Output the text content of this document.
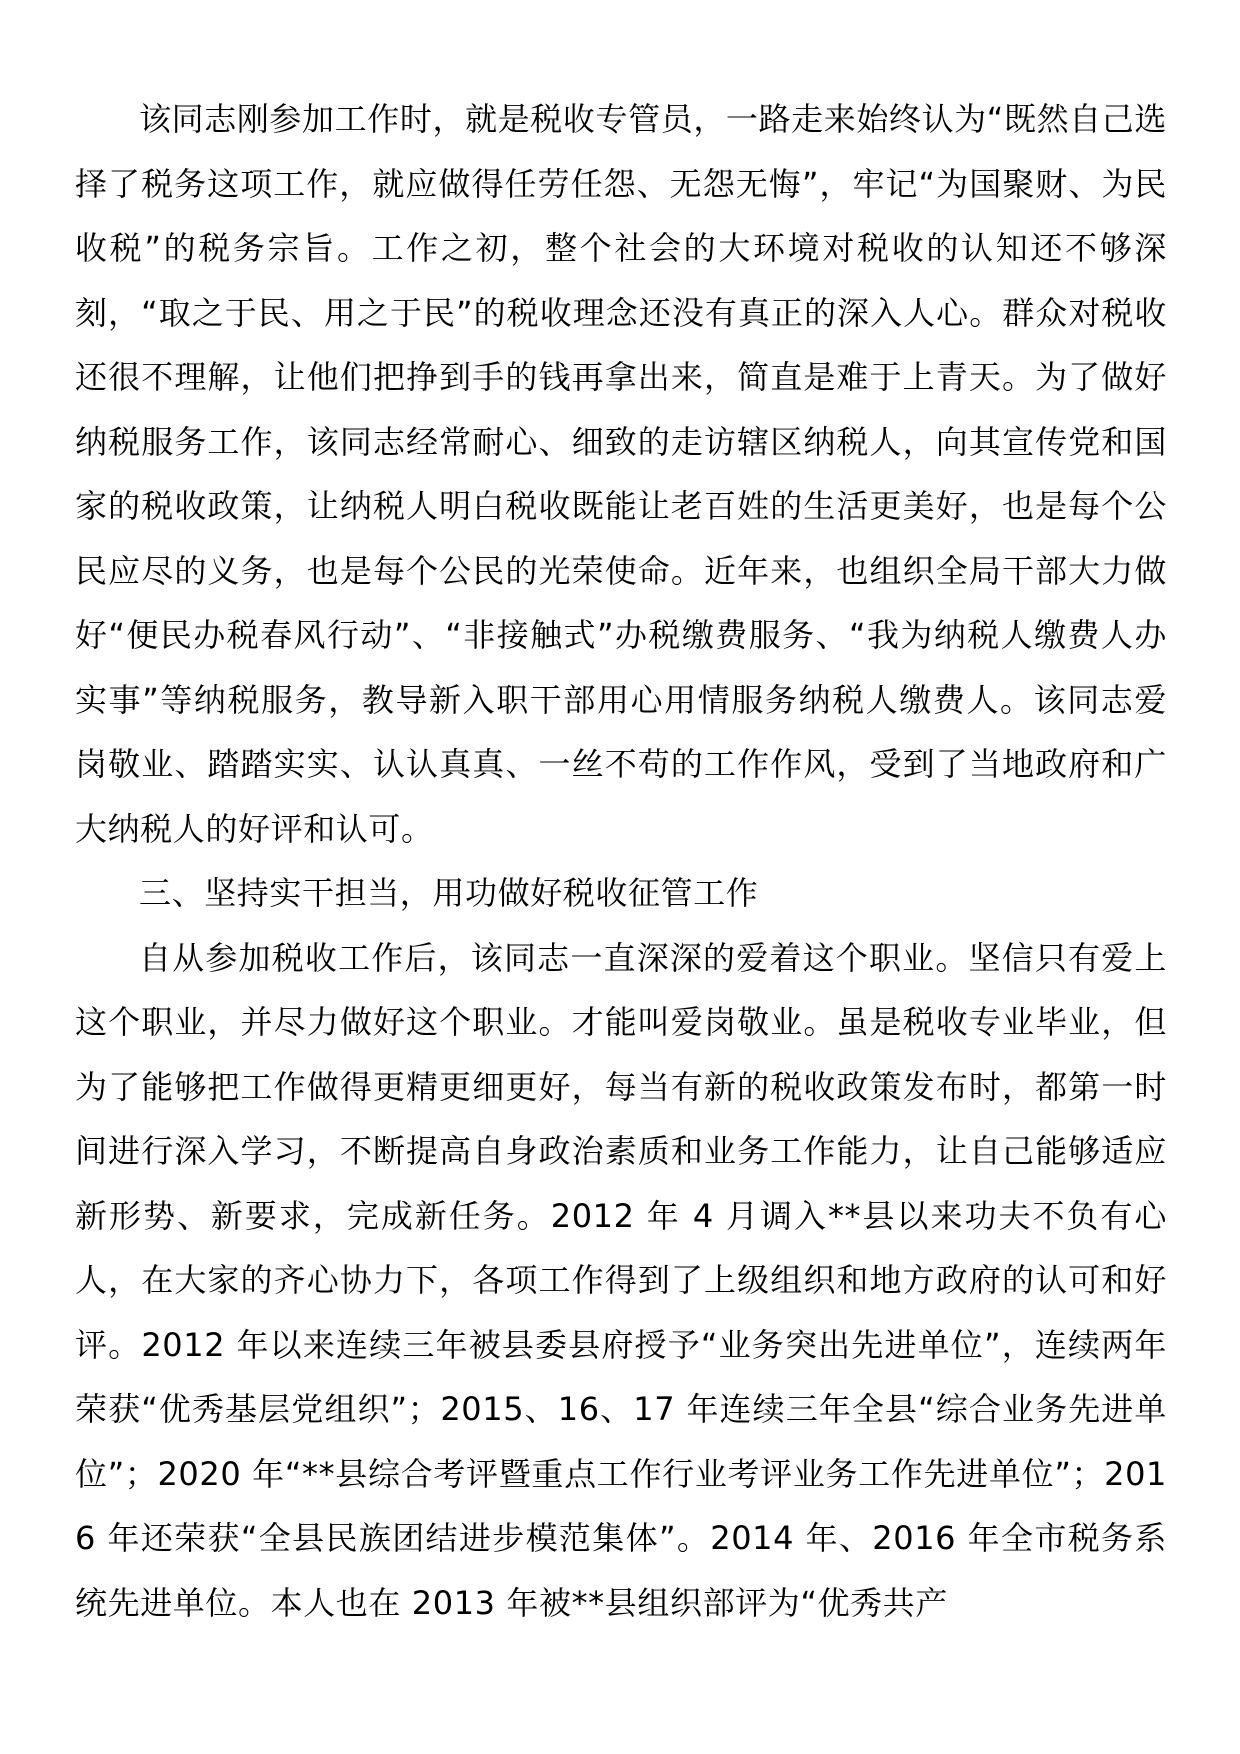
该同志刚参加工作时，就是税收专管员，一路走来始终认为“既然自己选择了税务这项工作，就应做得任劳任怨、无怨无悔”，牢记“为国聚财、为民收税”的税务宗旨。工作之初，整个社会的大环境对税收的认知还不够深刻，“取之于民、用之于民”的税收理念还没有真正的深入人心。群众对税收还很不理解，让他们把挣到手的钱再拿出来，简直是难于上青天。为了做好纳税服务工作，该同志经常耐心、细致的走访辖区纳税人，向其宣传党和国家的税收政策，让纳税人明白税收既能让老百姓的生活更美好，也是每个公民应尽的义务，也是每个公民的光荣使命。近年来，也组织全局干部大力做好“便民办税春风行动”、“非接触式”办税缴费服务、“我为纳税人缴费人办实事”等纳税服务，教导新入职干部用心用情服务纳税人缴费人。该同志爱岗敬业、踏踏实实、认认真真、一丝不苟的工作作风，受到了当地政府和广大纳税人的好评和认可。

三、坚持实干担当，用功做好税收征管工作

自从参加税收工作后，该同志一直深深的爱着这个职业。坚信只有爱上这个职业，并尽力做好这个职业。才能叫爱岗敬业。虽是税收专业毕业，但为了能够把工作做得更精更细更好，每当有新的税收政策发布时，都第一时间进行深入学习，不断提高自身政治素质和业务工作能力，让自己能够适应新形势、新要求，完成新任务。2012 年 4 月调入**县以来功夫不负有心人，在大家的齐心协力下，各项工作得到了上级组织和地方政府的认可和好评。2012 年以来连续三年被县委县府授予“业务突出先进单位”，连续两年荣获“优秀基层党组织”；2015、16、17 年连续三年全县“综合业务先进单位”；2020 年“**县综合考评暨重点工作行业考评业务工作先进单位”；2016 年还荣获“全县民族团结进步模范集体”。2014 年、2016 年全市税务系统先进单位。本人也在 2013 年被**县组织部评为“优秀共产
